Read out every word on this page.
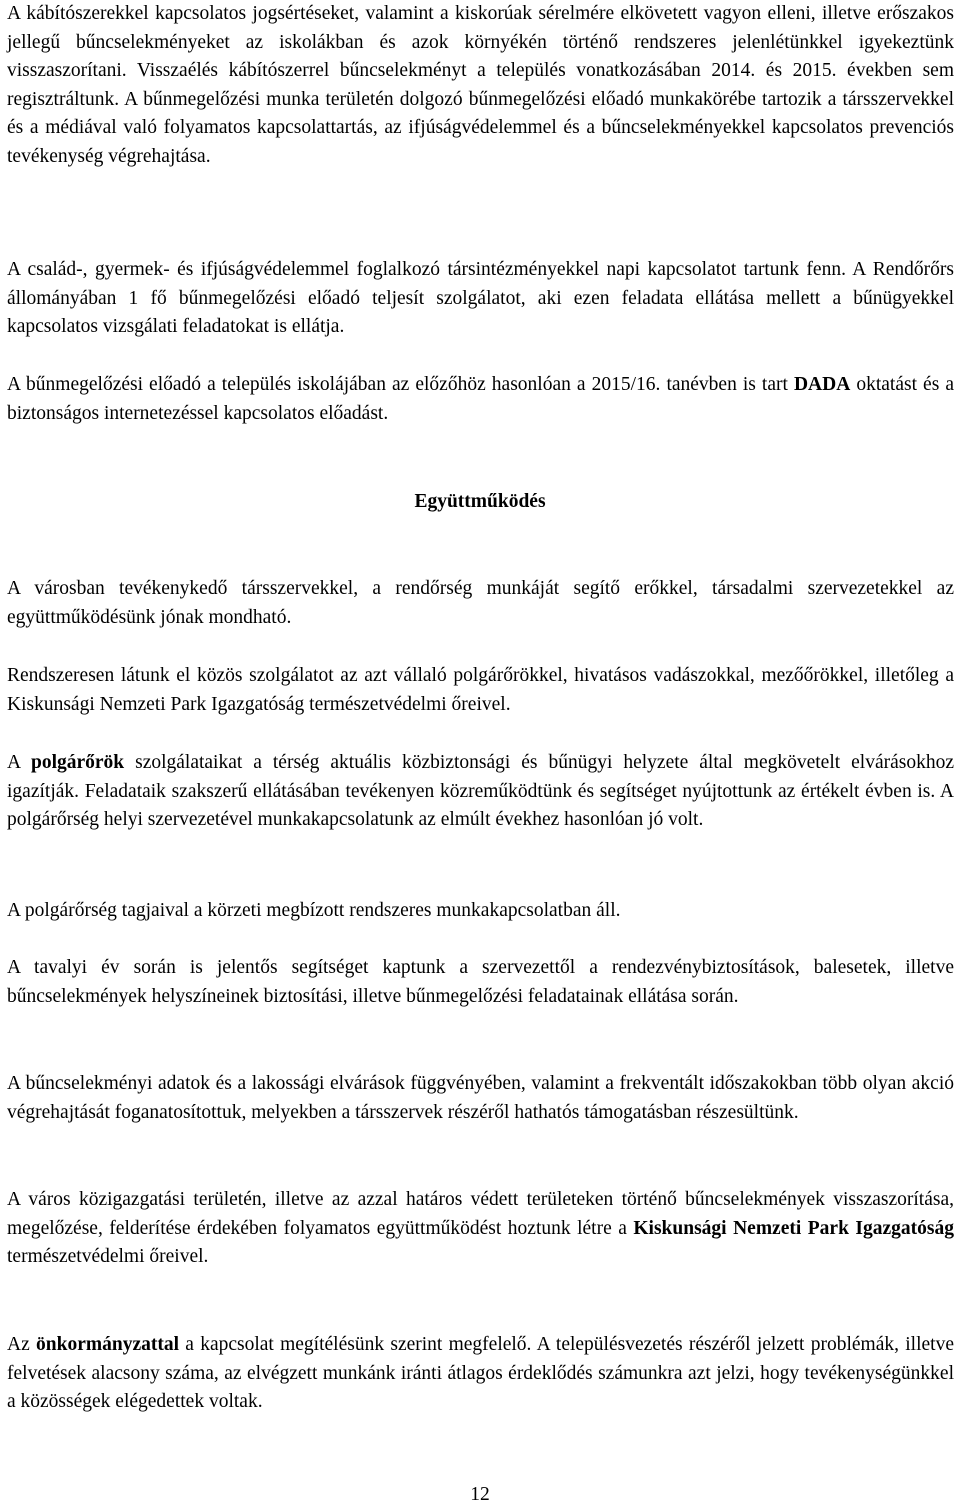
A kábítószerekkel kapcsolatos jogsértéseket, valamint a kiskorúak sérelmére elkövetett vagyon elleni, illetve erőszakos jellegű bűncselekményeket az iskolákban és azok környékén történő rendszeres jelenlétünkkel igyekeztünk visszaszorítani. Visszaélés kábítószerrel bűncselekményt a település vonatkozásában 2014. és 2015. években sem regisztráltunk. A bűnmegelőzési munka területén dolgozó bűnmegelőzési előadó munkakörébe tartozik a társszervekkel és a médiával való folyamatos kapcsolattartás, az ifjúságvédelemmel és a bűncselekményekkel kapcsolatos prevenciós tevékenység végrehajtása.

A család-, gyermek- és ifjúságvédelemmel foglalkozó társintézményekkel napi kapcsolatot tartunk fenn. A Rendőrőrs állományában 1 fő bűnmegelőzési előadó teljesít szolgálatot, aki ezen feladata ellátása mellett a bűnügyekkel kapcsolatos vizsgálati feladatokat is ellátja.

A bűnmegelőzési előadó a település iskolájában az előzőhöz hasonlóan a 2015/16. tanévben is tart DADA oktatást és a biztonságos internetezéssel kapcsolatos előadást.

Együttműködés

A városban tevékenykedő társszervekkel, a rendőrség munkáját segítő erőkkel, társadalmi szervezetekkel az együttműködésünk jónak mondható.

Rendszeresen látunk el közös szolgálatot az azt vállaló polgárőrökkel, hivatásos vadászokkal, mezőőrökkel, illetőleg a Kiskunsági Nemzeti Park Igazgatóság természetvédelmi őreivel.

A polgárőrök szolgálataikat a térség aktuális közbiztonsági és bűnügyi helyzete által megkövetelt elvárásokhoz igazítják. Feladataik szakszerű ellátásában tevékenyen közreműködtünk és segítséget nyújtottunk az értékelt évben is. A polgárőrség helyi szervezetével munkakapcsolatunk az elmúlt évekhez hasonlóan jó volt.

A polgárőrség tagjaival a körzeti megbízott rendszeres munkakapcsolatban áll.

A tavalyi év során is jelentős segítséget kaptunk a szervezettől a rendezvénybiztosítások, balesetek, illetve bűncselekmények helyszíneinek biztosítási, illetve bűnmegelőzési feladatainak ellátása során.

A bűncselekményi adatok és a lakossági elvárások függvényében, valamint a frekventált időszakokban több olyan akció végrehajtását foganatosítottuk, melyekben a társszervek részéről hathatós támogatásban részesültünk.

A város közigazgatási területén, illetve az azzal határos védett területeken történő bűncselekmények visszaszorítása, megelőzése, felderítése érdekében folyamatos együttműködést hoztunk létre a Kiskunsági Nemzeti Park Igazgatóság természetvédelmi őreivel.

Az önkormányzattal a kapcsolat megítélésünk szerint megfelelő. A településvezetés részéről jelzett problémák, illetve felvetések alacsony száma, az elvégzett munkánk iránti átlagos érdeklődés számunkra azt jelzi, hogy tevékenységünkkel a közösségek elégedettek voltak.

12
